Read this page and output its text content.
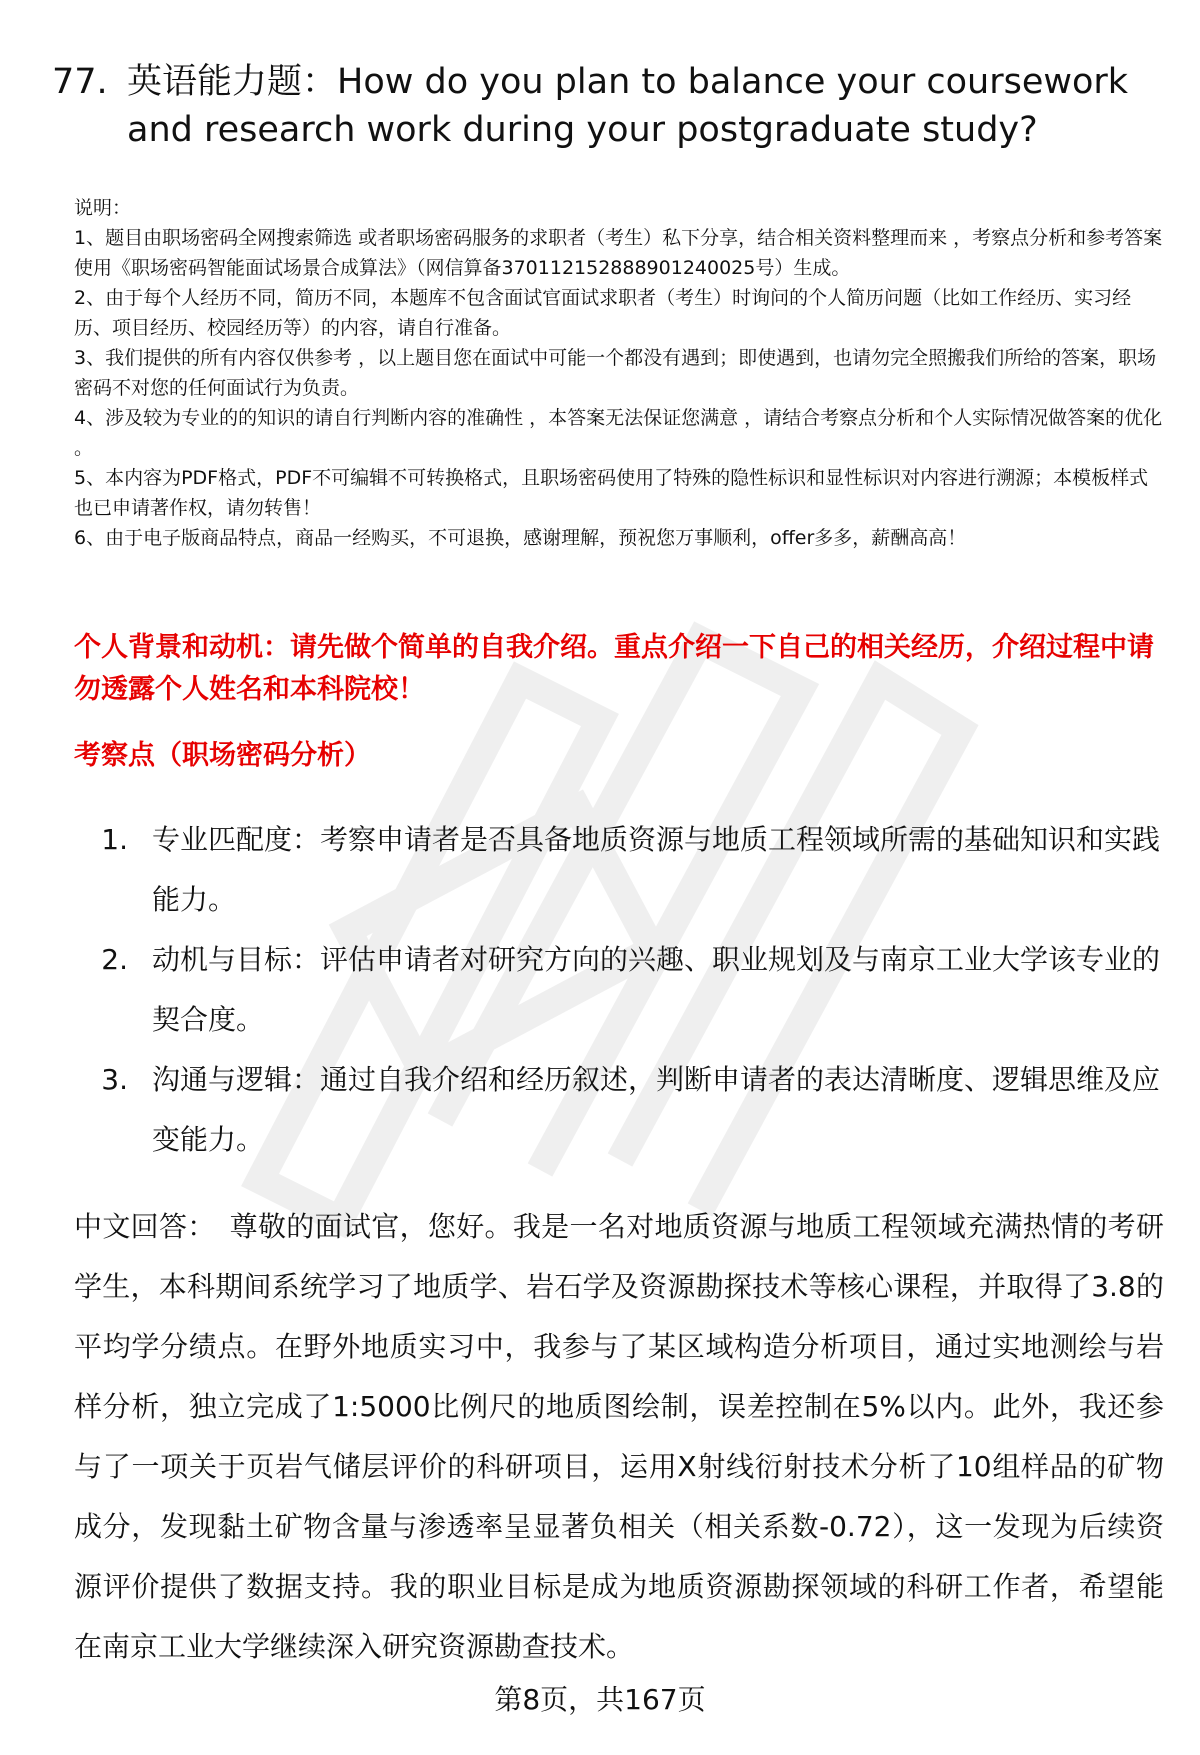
77. 英语能力题：How do you plan to balance your coursework and research work during your postgraduate study?

说明：

1、题目由职场密码全网搜索筛选 或者职场密码服务的求职者（考生）私下分享，结合相关资料整理而来 ，考察点分析和参考答案使用《职场密码智能面试场景合成算法》（网信算备370112152888901240025号）生成。

2、由于每个人经历不同，简历不同，本题库不包含面试官面试求职者（考生）时询问的个人简历问题（比如工作经历、实习经历、项目经历、校园经历等）的内容，请自行准备。

3、我们提供的所有内容仅供参考 ，以上题目您在面试中可能一个都没有遇到；即使遇到，也请勿完全照搬我们所给的答案，职场密码不对您的任何面试行为负责。

4、涉及较为专业的的知识的请自行判断内容的准确性 ，本答案无法保证您满意 ，请结合考察点分析和个人实际情况做答案的优化 。

5、本内容为PDF格式，PDF不可编辑不可转换格式，且职场密码使用了特殊的隐性标识和显性标识对内容进行溯源；本模板样式也已申请著作权，请勿转售！

6、由于电子版商品特点，商品一经购买，不可退换，感谢理解，预祝您万事顺利，offer多多，薪酬高高！

个人背景和动机：请先做个简单的自我介绍。重点介绍一下自己的相关经历，介绍过程中请勿透露个人姓名和本科院校！
考察点（职场密码分析）
1. 专业匹配度：考察申请者是否具备地质资源与地质工程领域所需的基础知识和实践能力。
2. 动机与目标：评估申请者对研究方向的兴趣、职业规划及与南京工业大学该专业的契合度。
3. 沟通与逻辑：通过自我介绍和经历叙述，判断申请者的表达清晰度、逻辑思维及应变能力。
中文回答： 尊敬的面试官，您好。我是一名对地质资源与地质工程领域充满热情的考研学生，本科期间系统学习了地质学、岩石学及资源勘探技术等核心课程，并取得了3.8的平均学分绩点。在野外地质实习中，我参与了某区域构造分析项目，通过实地测绘与岩样分析，独立完成了1:5000比例尺的地质图绘制，误差控制在5%以内。此外，我还参与了一项关于页岩气储层评价的科研项目，运用X射线衍射技术分析了10组样品的矿物成分，发现黏土矿物含量与渗透率呈显著负相关（相关系数-0.72），这一发现为后续资源评价提供了数据支持。我的职业目标是成为地质资源勘探领域的科研工作者，希望能在南京工业大学继续深入研究资源勘查技术。
第8页，共167页
